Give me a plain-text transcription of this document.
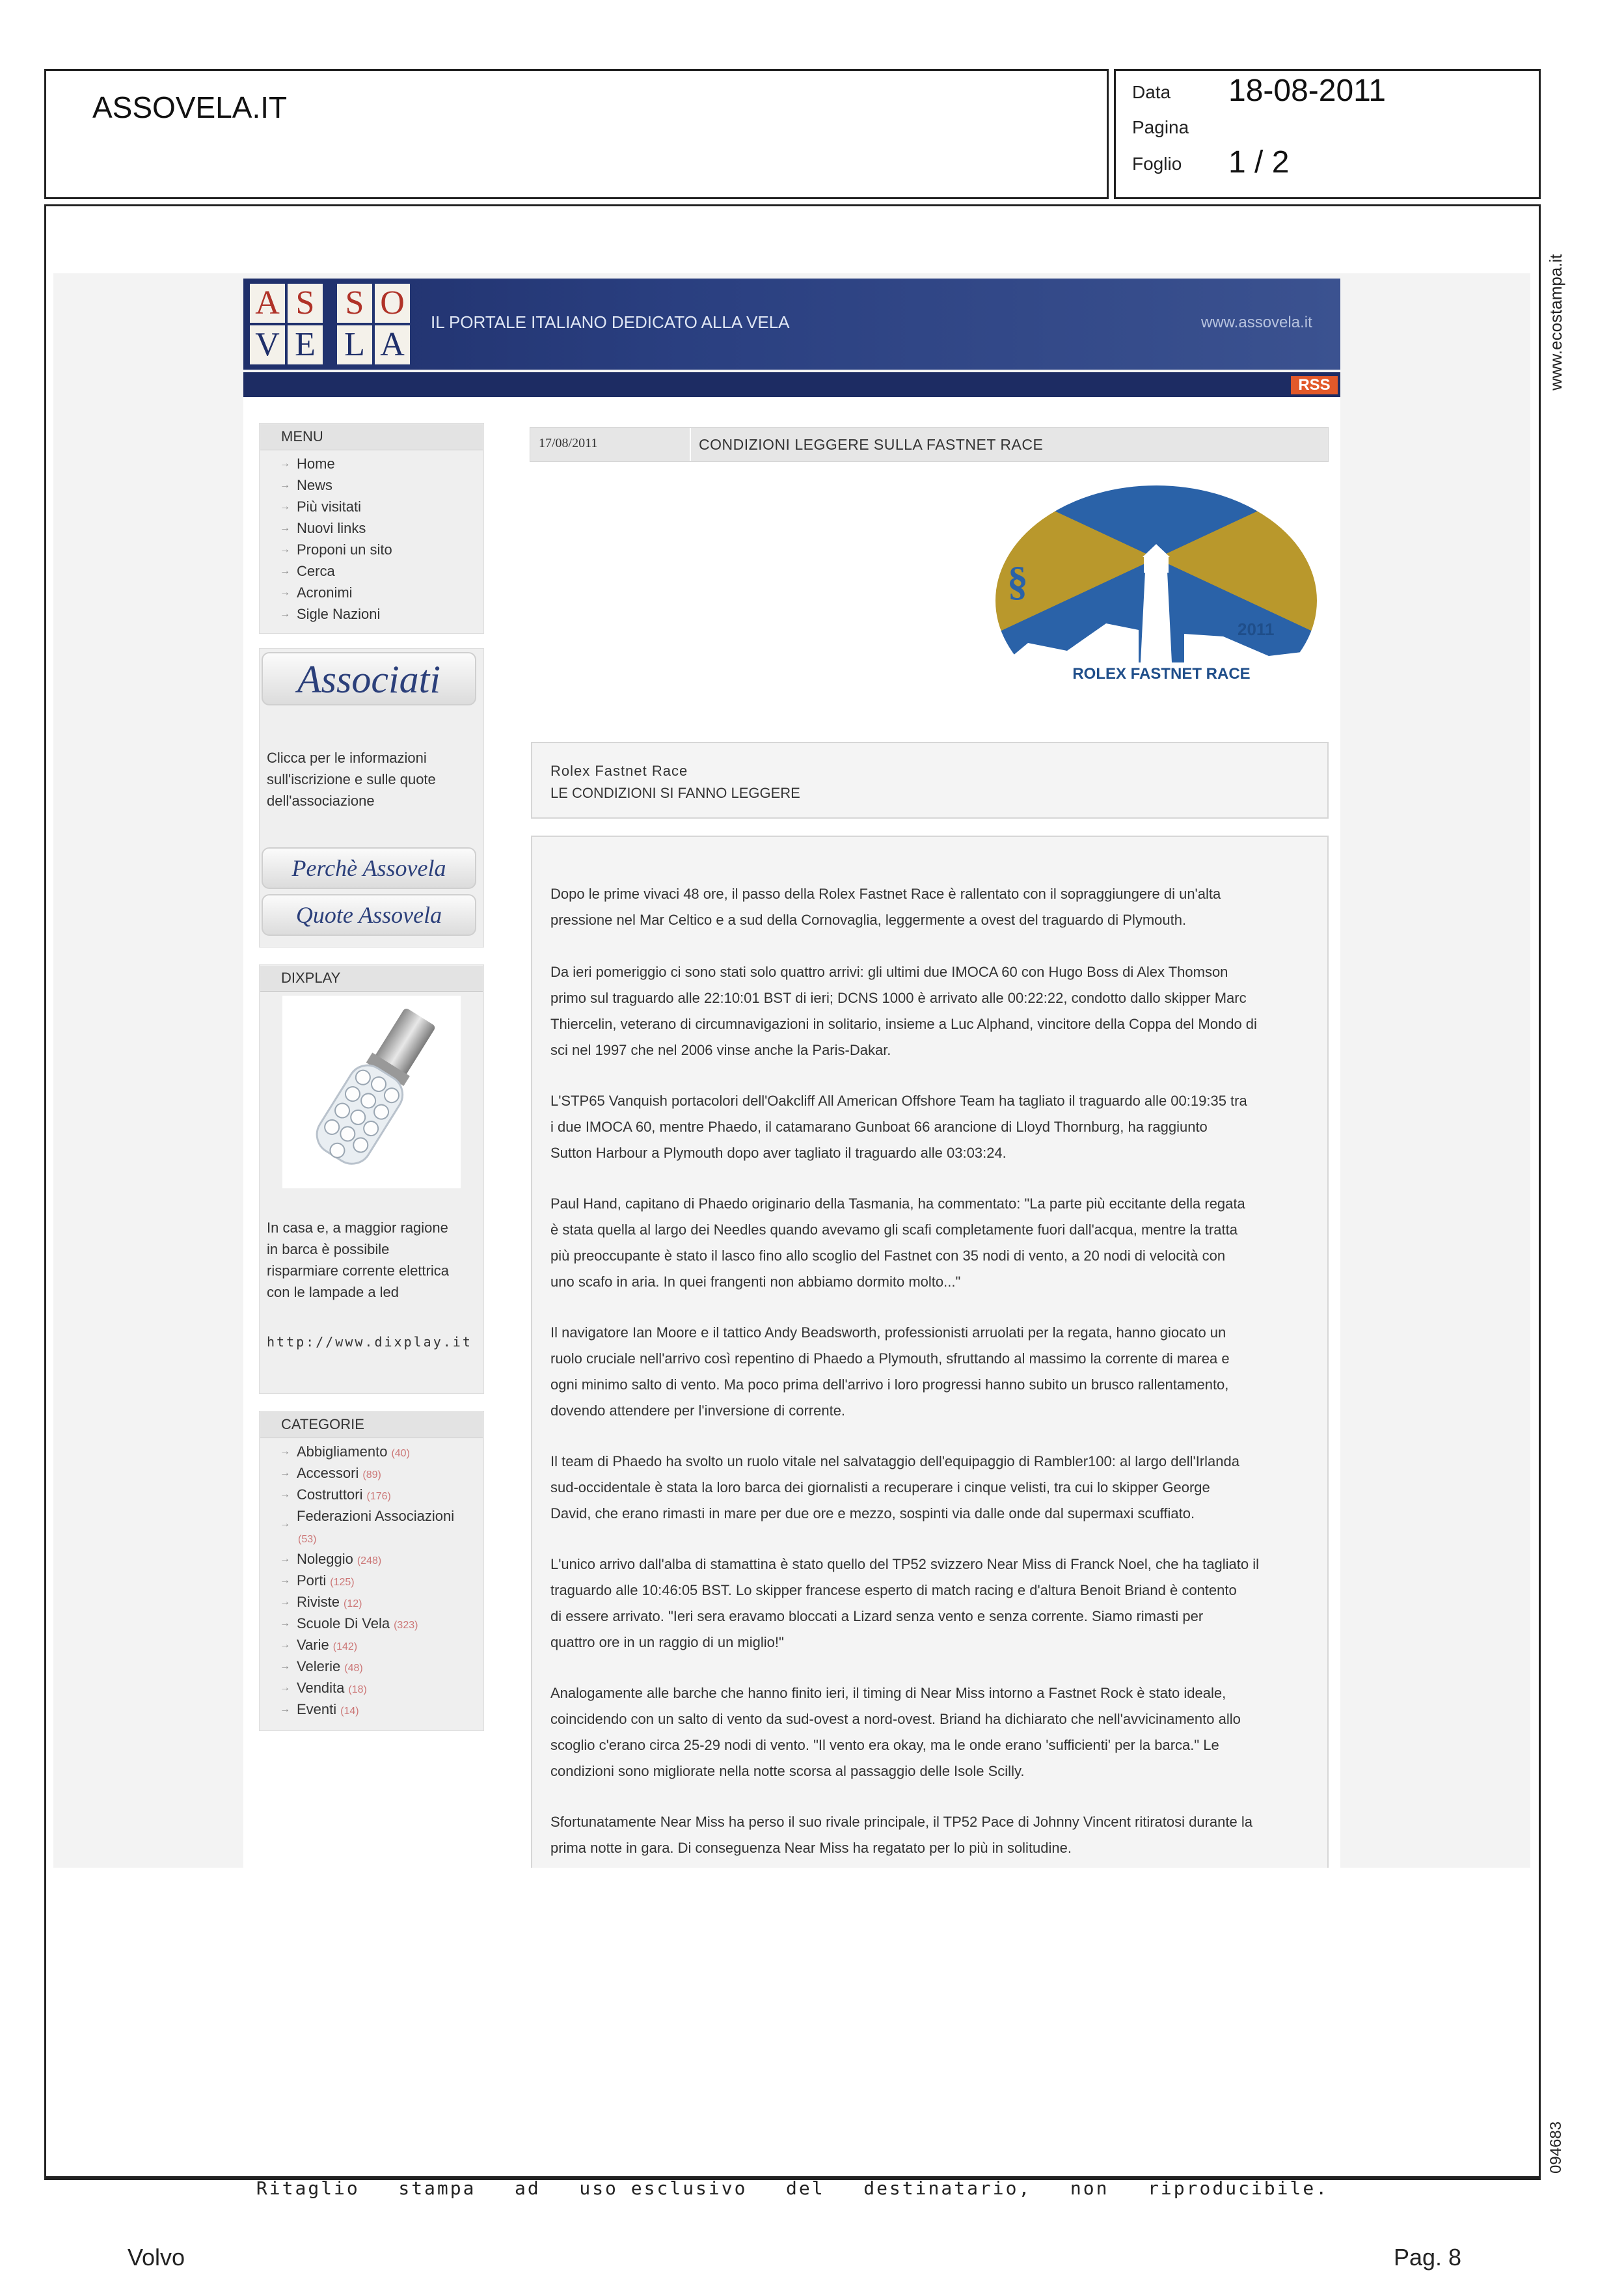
ASSOVELA.IT	Data 18-08-2011
Pagina
Foglio 1 / 2
www.ecostampa.it
094683
Ritaglio   stampa   ad   uso esclusivo   del   destinatario,   non   riproducibile.
Volvo	Pag. 8
A S S O
V E L A
IL PORTALE ITALIANO DEDICATO ALLA VELA	www.assovela.it
RSS
MENU
→ Home
→ News
→ Più visitati
→ Nuovi links
→ Proponi un sito
→ Cerca
→ Acronimi
→ Sigle Nazioni
Associati
Clicca per le informazioni
sull'iscrizione e sulle quote
dell'associazione
Perchè Assovela
Quote Assovela
DIXPLAY
In casa e, a maggior ragione
in barca è possibile
risparmiare corrente elettrica
con le lampade a led
http://www.dixplay.it
CATEGORIE
→ Abbigliamento (40)
→ Accessori (89)
→ Costruttori (176)
→ Federazioni Associazioni
(53)
→ Noleggio (248)
→ Porti (125)
→ Riviste (12)
→ Scuole Di Vela (323)
→ Varie (142)
→ Velerie (48)
→ Vendita (18)
→ Eventi (14)
17/08/2011	CONDIZIONI LEGGERE SULLA FASTNET RACE
§
2011
ROLEX FASTNET RACE
Rolex Fastnet Race
LE CONDIZIONI SI FANNO LEGGERE
Dopo le prime vivaci 48 ore, il passo della Rolex Fastnet Race è rallentato con il sopraggiungere di un'alta
pressione nel Mar Celtico e a sud della Cornovaglia, leggermente a ovest del traguardo di Plymouth.
Da ieri pomeriggio ci sono stati solo quattro arrivi: gli ultimi due IMOCA 60 con Hugo Boss di Alex Thomson
primo sul traguardo alle 22:10:01 BST di ieri; DCNS 1000 è arrivato alle 00:22:22, condotto dallo skipper Marc
Thiercelin, veterano di circumnavigazioni in solitario, insieme a Luc Alphand, vincitore della Coppa del Mondo di
sci nel 1997 che nel 2006 vinse anche la Paris-Dakar.
L'STP65 Vanquish portacolori dell'Oakcliff All American Offshore Team ha tagliato il traguardo alle 00:19:35 tra
i due IMOCA 60, mentre Phaedo, il catamarano Gunboat 66 arancione di Lloyd Thornburg, ha raggiunto
Sutton Harbour a Plymouth dopo aver tagliato il traguardo alle 03:03:24.
Paul Hand, capitano di Phaedo originario della Tasmania, ha commentato: "La parte più eccitante della regata
è stata quella al largo dei Needles quando avevamo gli scafi completamente fuori dall'acqua, mentre la tratta
più preoccupante è stato il lasco fino allo scoglio del Fastnet con 35 nodi di vento, a 20 nodi di velocità con
uno scafo in aria. In quei frangenti non abbiamo dormito molto..."
Il navigatore Ian Moore e il tattico Andy Beadsworth, professionisti arruolati per la regata, hanno giocato un
ruolo cruciale nell'arrivo così repentino di Phaedo a Plymouth, sfruttando al massimo la corrente di marea e
ogni minimo salto di vento. Ma poco prima dell'arrivo i loro progressi hanno subito un brusco rallentamento,
dovendo attendere per l'inversione di corrente.
Il team di Phaedo ha svolto un ruolo vitale nel salvataggio dell'equipaggio di Rambler100: al largo dell'Irlanda
sud-occidentale è stata la loro barca dei giornalisti a recuperare i cinque velisti, tra cui lo skipper George
David, che erano rimasti in mare per due ore e mezzo, sospinti via dalle onde dal supermaxi scuffiato.
L'unico arrivo dall'alba di stamattina è stato quello del TP52 svizzero Near Miss di Franck Noel, che ha tagliato il
traguardo alle 10:46:05 BST. Lo skipper francese esperto di match racing e d'altura Benoit Briand è contento
di essere arrivato. "Ieri sera eravamo bloccati a Lizard senza vento e senza corrente. Siamo rimasti per
quattro ore in un raggio di un miglio!"
Analogamente alle barche che hanno finito ieri, il timing di Near Miss intorno a Fastnet Rock è stato ideale,
coincidendo con un salto di vento da sud-ovest a nord-ovest. Briand ha dichiarato che nell'avvicinamento allo
scoglio c'erano circa 25-29 nodi di vento. "Il vento era okay, ma le onde erano 'sufficienti' per la barca." Le
condizioni sono migliorate nella notte scorsa al passaggio delle Isole Scilly.
Sfortunatamente Near Miss ha perso il suo rivale principale, il TP52 Pace di Johnny Vincent ritiratosi durante la
prima notte in gara. Di conseguenza Near Miss ha regatato per lo più in solitudine.
